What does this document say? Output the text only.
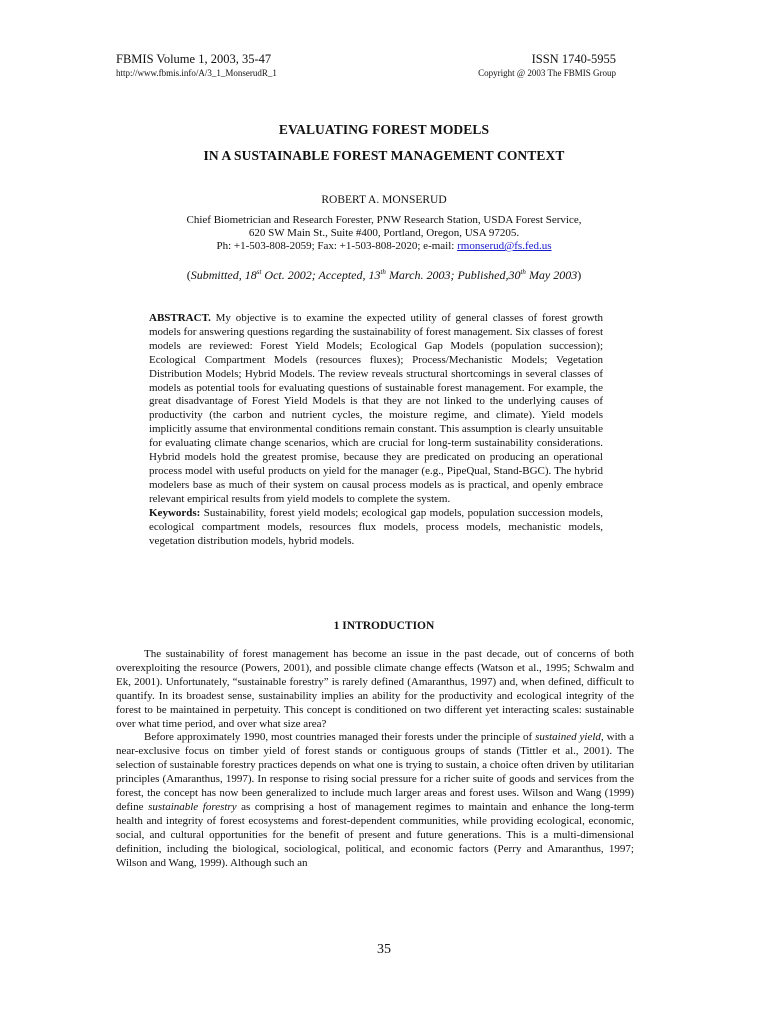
FBMIS Volume 1, 2003, 35-47	ISSN 1740-5955
http://www.fbmis.info/A/3_1_MonserudR_1	Copyright @ 2003 The FBMIS Group
EVALUATING FOREST MODELS
IN A SUSTAINABLE FOREST MANAGEMENT CONTEXT
ROBERT A. MONSERUD
Chief Biometrician and Research Forester, PNW Research Station, USDA Forest Service,
620 SW Main St., Suite #400, Portland, Oregon, USA 97205.
Ph: +1-503-808-2059; Fax: +1-503-808-2020; e-mail: rmonserud@fs.fed.us
(Submitted, 18st Oct. 2002; Accepted, 13th March. 2003; Published,30th May 2003)
ABSTRACT. My objective is to examine the expected utility of general classes of forest growth models for answering questions regarding the sustainability of forest management. Six classes of forest models are reviewed: Forest Yield Models; Ecological Gap Models (population succession); Ecological Compartment Models (resources fluxes); Process/Mechanistic Models; Vegetation Distribution Models; Hybrid Models. The review reveals structural shortcomings in several classes of models as potential tools for evaluating questions of sustainable forest management. For example, the great disadvantage of Forest Yield Models is that they are not linked to the underlying causes of productivity (the carbon and nutrient cycles, the moisture regime, and climate). Yield models implicitly assume that environmental conditions remain constant. This assumption is clearly unsuitable for evaluating climate change scenarios, which are crucial for long-term sustainability considerations. Hybrid models hold the greatest promise, because they are predicated on producing an operational process model with useful products on yield for the manager (e.g., PipeQual, Stand-BGC). The hybrid modelers base as much of their system on causal process models as is practical, and openly embrace relevant empirical results from yield models to complete the system.
Keywords: Sustainability, forest yield models; ecological gap models, population succession models, ecological compartment models, resources flux models, process models, mechanistic models, vegetation distribution models, hybrid models.
1 INTRODUCTION

The sustainability of forest management has become an issue in the past decade, out of concerns of both overexploiting the resource (Powers, 2001), and possible climate change effects (Watson et al., 1995; Schwalm and Ek, 2001). Unfortunately, “sustainable forestry” is rarely defined (Amaranthus, 1997) and, when defined, difficult to quantify. In its broadest sense, sustainability implies an ability for the productivity and ecological integrity of the forest to be maintained in perpetuity. This concept is conditioned on two different yet interacting scales: sustainable over what time period, and over what size area?

Before approximately 1990, most countries managed their forests under the principle of sustained yield, with a near-exclusive focus on timber yield of forest stands or contiguous groups of stands (Tittler et al., 2001). The selection of sustainable forestry practices depends on what one is trying to sustain, a choice often driven by utilitarian principles (Amaranthus, 1997). In response to rising social pressure for a richer suite of goods and services from the forest, the concept has now been generalized to include much larger areas and forest uses. Wilson and Wang (1999) define sustainable forestry as comprising a host of management regimes to maintain and enhance the long-term health and integrity of forest ecosystems and forest-dependent communities, while providing ecological, economic, social, and cultural opportunities for the benefit of present and future generations. This is a multi-dimensional definition, including the biological, sociological, political, and economic factors (Perry and Amaranthus, 1997; Wilson and Wang, 1999). Although such an

35
